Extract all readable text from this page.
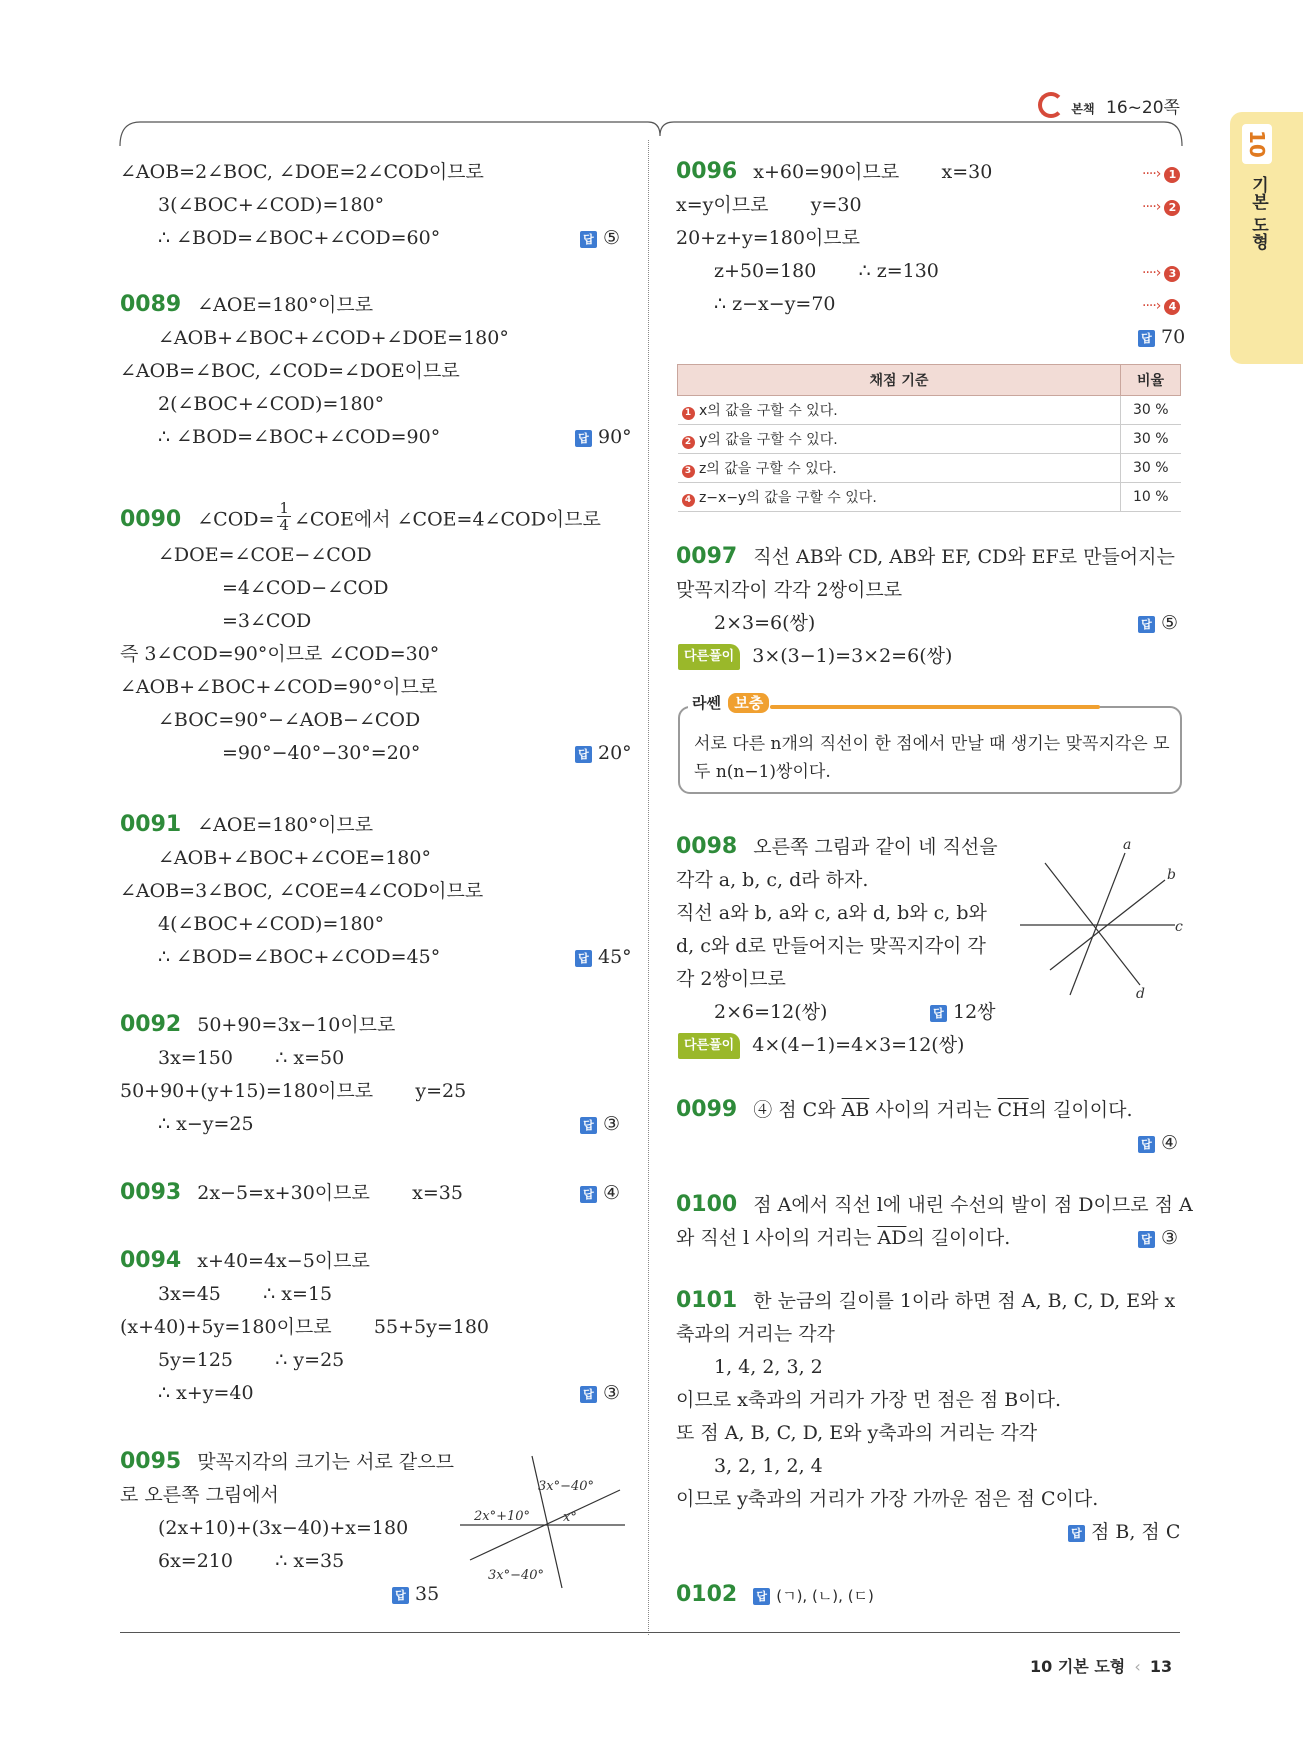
본책 16~20쪽
10
기본 도형
∠AOB=2∠BOC, ∠DOE=2∠COD이므로
3(∠BOC+∠COD)=180°
∴ ∠BOD=∠BOC+∠COD=60°	답 ⑤
0089 ∠AOE=180°이므로
∠AOB+∠BOC+∠COD+∠DOE=180°
∠AOB=∠BOC, ∠COD=∠DOE이므로
2(∠BOC+∠COD)=180°
∴ ∠BOD=∠BOC+∠COD=90°	답 90°
0090 ∠COD= $\frac{1}{4}$ ∠COE에서 ∠COE=4∠COD이므로
∠DOE=∠COE−∠COD
=4∠COD−∠COD
=3∠COD
즉 3∠COD=90°이므로 ∠COD=30°
∠AOB+∠BOC+∠COD=90°이므로
∠BOC=90°−∠AOB−∠COD
=90°−40°−30°=20°	답 20°
0091 ∠AOE=180°이므로
∠AOB+∠BOC+∠COE=180°
∠AOB=3∠BOC, ∠COE=4∠COD이므로
4(∠BOC+∠COD)=180°
∴ ∠BOD=∠BOC+∠COD=45°	답 45°
0092 50+90=3x−10이므로
3x=150       ∴ x=50
50+90+(y+15)=180이므로       y=25
∴ x−y=25	답 ③
0093 2x−5=x+30이므로       x=35	답 ④
0094 x+40=4x−5이므로
3x=45       ∴ x=15
(x+40)+5y=180이므로       55+5y=180
5y=125       ∴ y=25
∴ x+y=40	답 ③
0095 맞꼭지각의 크기는 서로 같으므
로 오른쪽 그림에서
(2x+10)+(3x−40)+x=180
6x=210       ∴ x=35
답 35
3x°−40°
2x°+10°	x°
3x°−40°
0096 x+60=90이므로       x=30
x=y이므로       y=30
20+z+y=180이므로
z+50=180       ∴ z=130
∴ z−x−y=70
····› 1
····› 2
····› 3
····› 4
답 70
채점 기준	비율
1 x의 값을 구할 수 있다.	30 %
2 y의 값을 구할 수 있다.	30 %
3 z의 값을 구할 수 있다.	30 %
4 z−x−y의 값을 구할 수 있다.	10 %
0097 직선 AB와 CD, AB와 EF, CD와 EF로 만들어지는
맞꼭지각이 각각 2쌍이므로
2×3=6(쌍)	답 ⑤
다른풀이 3×(3−1)=3×2=6(쌍)
라쎈 보충
서로 다른 n개의 직선이 한 점에서 만날 때 생기는 맞꼭지각은 모
두 n(n−1)쌍이다.
0098 오른쪽 그림과 같이 네 직선을
각각 a, b, c, d라 하자.
직선 a와 b, a와 c, a와 d, b와 c, b와
d, c와 d로 만들어지는 맞꼭지각이 각
각 2쌍이므로
2×6=12(쌍)	답 12쌍
다른풀이 4×(4−1)=4×3=12(쌍)
a
b
c
d
0099 ④ 점 C와 $\overline{AB}$ 사이의 거리는 $\overline{CH}$의 길이이다.
답 ④
0100 점 A에서 직선 l에 내린 수선의 발이 점 D이므로 점 A
와 직선 l 사이의 거리는 $\overline{AD}$의 길이이다.	답 ③
0101 한 눈금의 길이를 1이라 하면 점 A, B, C, D, E와 x
축과의 거리는 각각
1, 4, 2, 3, 2
이므로 x축과의 거리가 가장 먼 점은 점 B이다.
또 점 A, B, C, D, E와 y축과의 거리는 각각
3, 2, 1, 2, 4
이므로 y축과의 거리가 가장 가까운 점은 점 C이다.
답 점 B, 점 C
0102 답 (ㄱ), (ㄴ), (ㄷ)
10 기본 도형 ‹ 13
